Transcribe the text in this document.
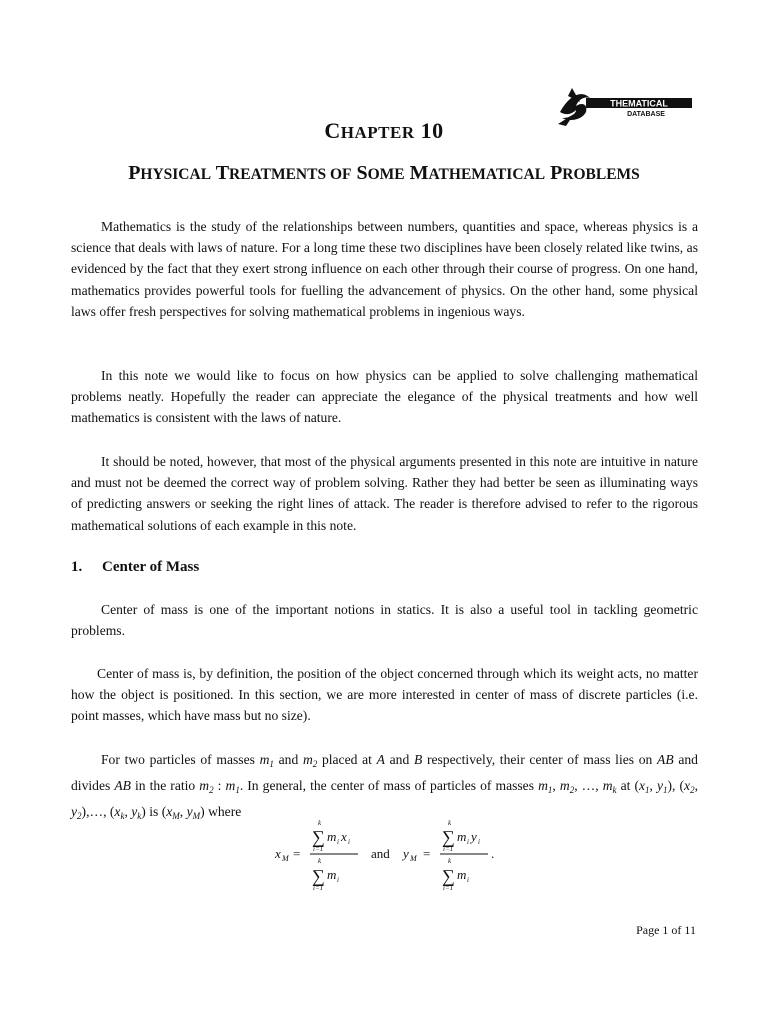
THEMATICAL
DATABASE
CHAPTER 10
PHYSICAL TREATMENTS OF SOME MATHEMATICAL PROBLEMS

Mathematics is the study of the relationships between numbers, quantities and space, whereas physics is a science that deals with laws of nature. For a long time these two disciplines have been closely related like twins, as evidenced by the fact that they exert strong influence on each other through their course of progress. On one hand, mathematics provides powerful tools for fuelling the advancement of physics. On the other hand, some physical laws offer fresh perspectives for solving mathematical problems in ingenious ways.

In this note we would like to focus on how physics can be applied to solve challenging mathematical problems neatly. Hopefully the reader can appreciate the elegance of the physical treatments and how well mathematics is consistent with the laws of nature.

It should be noted, however, that most of the physical arguments presented in this note are intuitive in nature and must not be deemed the correct way of problem solving. Rather they had better be seen as illuminating ways of predicting answers or seeking the right lines of attack. The reader is therefore advised to refer to the rigorous mathematical solutions of each example in this note.

1. Center of Mass

Center of mass is one of the important notions in statics. It is also a useful tool in tackling geometric problems.

Center of mass is, by definition, the position of the object concerned through which its weight acts, no matter how the object is positioned. In this section, we are more interested in center of mass of discrete particles (i.e. point masses, which have mass but no size).

For two particles of masses $m_1$ and $m_2$ placed at A and B respectively, their center of mass lies on AB and divides AB in the ratio $m_2$ : $m_1$. In general, the center of mass of particles of masses $m_1$, $m_2$, …, $m_k$ at ($x_1$, $y_1$), ($x_2$, $y_2),\dots$, ($x_k$, $y_k$) is ($x_M$, $y_M$) where

x M =
k
∑ m i x i
i=1
k
∑ m i
i=1
and y M =
k
∑ m i y i
i=1
k
∑ m i
i=1
.
Page 1 of 11
